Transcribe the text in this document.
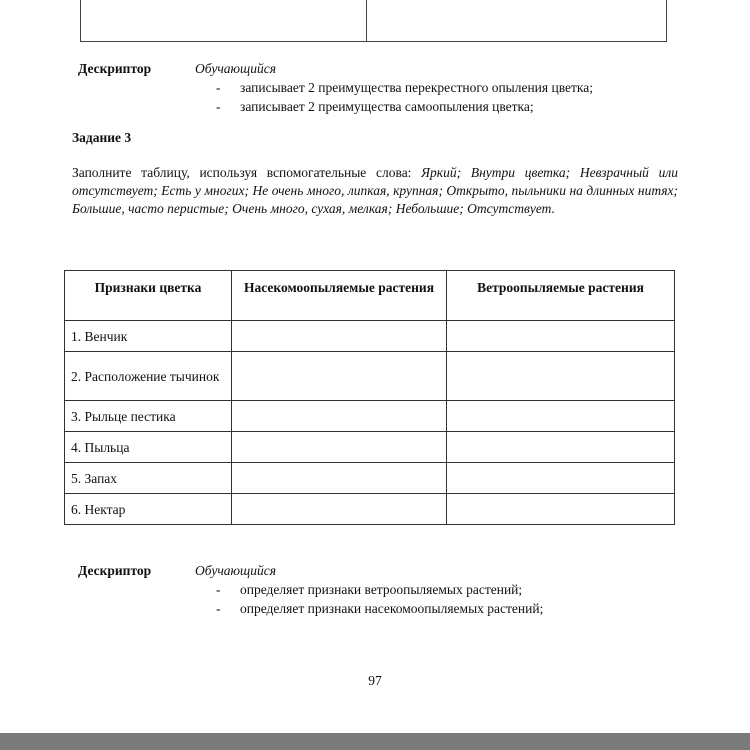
Дескриптор	Обучающийся
- записывает 2 преимущества перекрестного опыления цветка;
- записывает 2 преимущества самоопыления цветка;
Задание 3
Заполните таблицу, используя вспомогательные слова: Яркий; Внутри цветка; Невзрачный или отсутствует; Есть у многих; Не очень много, липкая, крупная; Открыто, пыльники на длинных нитях; Большие, часто перистые; Очень много, сухая, мелкая; Небольшие; Отсутствует.
Признаки цветка	Насекомоопыляемые растения	Ветроопыляемые растения
1. Венчик		
2. Расположение тычинок		
3. Рыльце пестика		
4. Пыльца		
5. Запах		
6. Нектар		
Дескриптор	Обучающийся
- определяет признаки ветроопыляемых растений;
- определяет признаки насекомоопыляемых растений;
97
